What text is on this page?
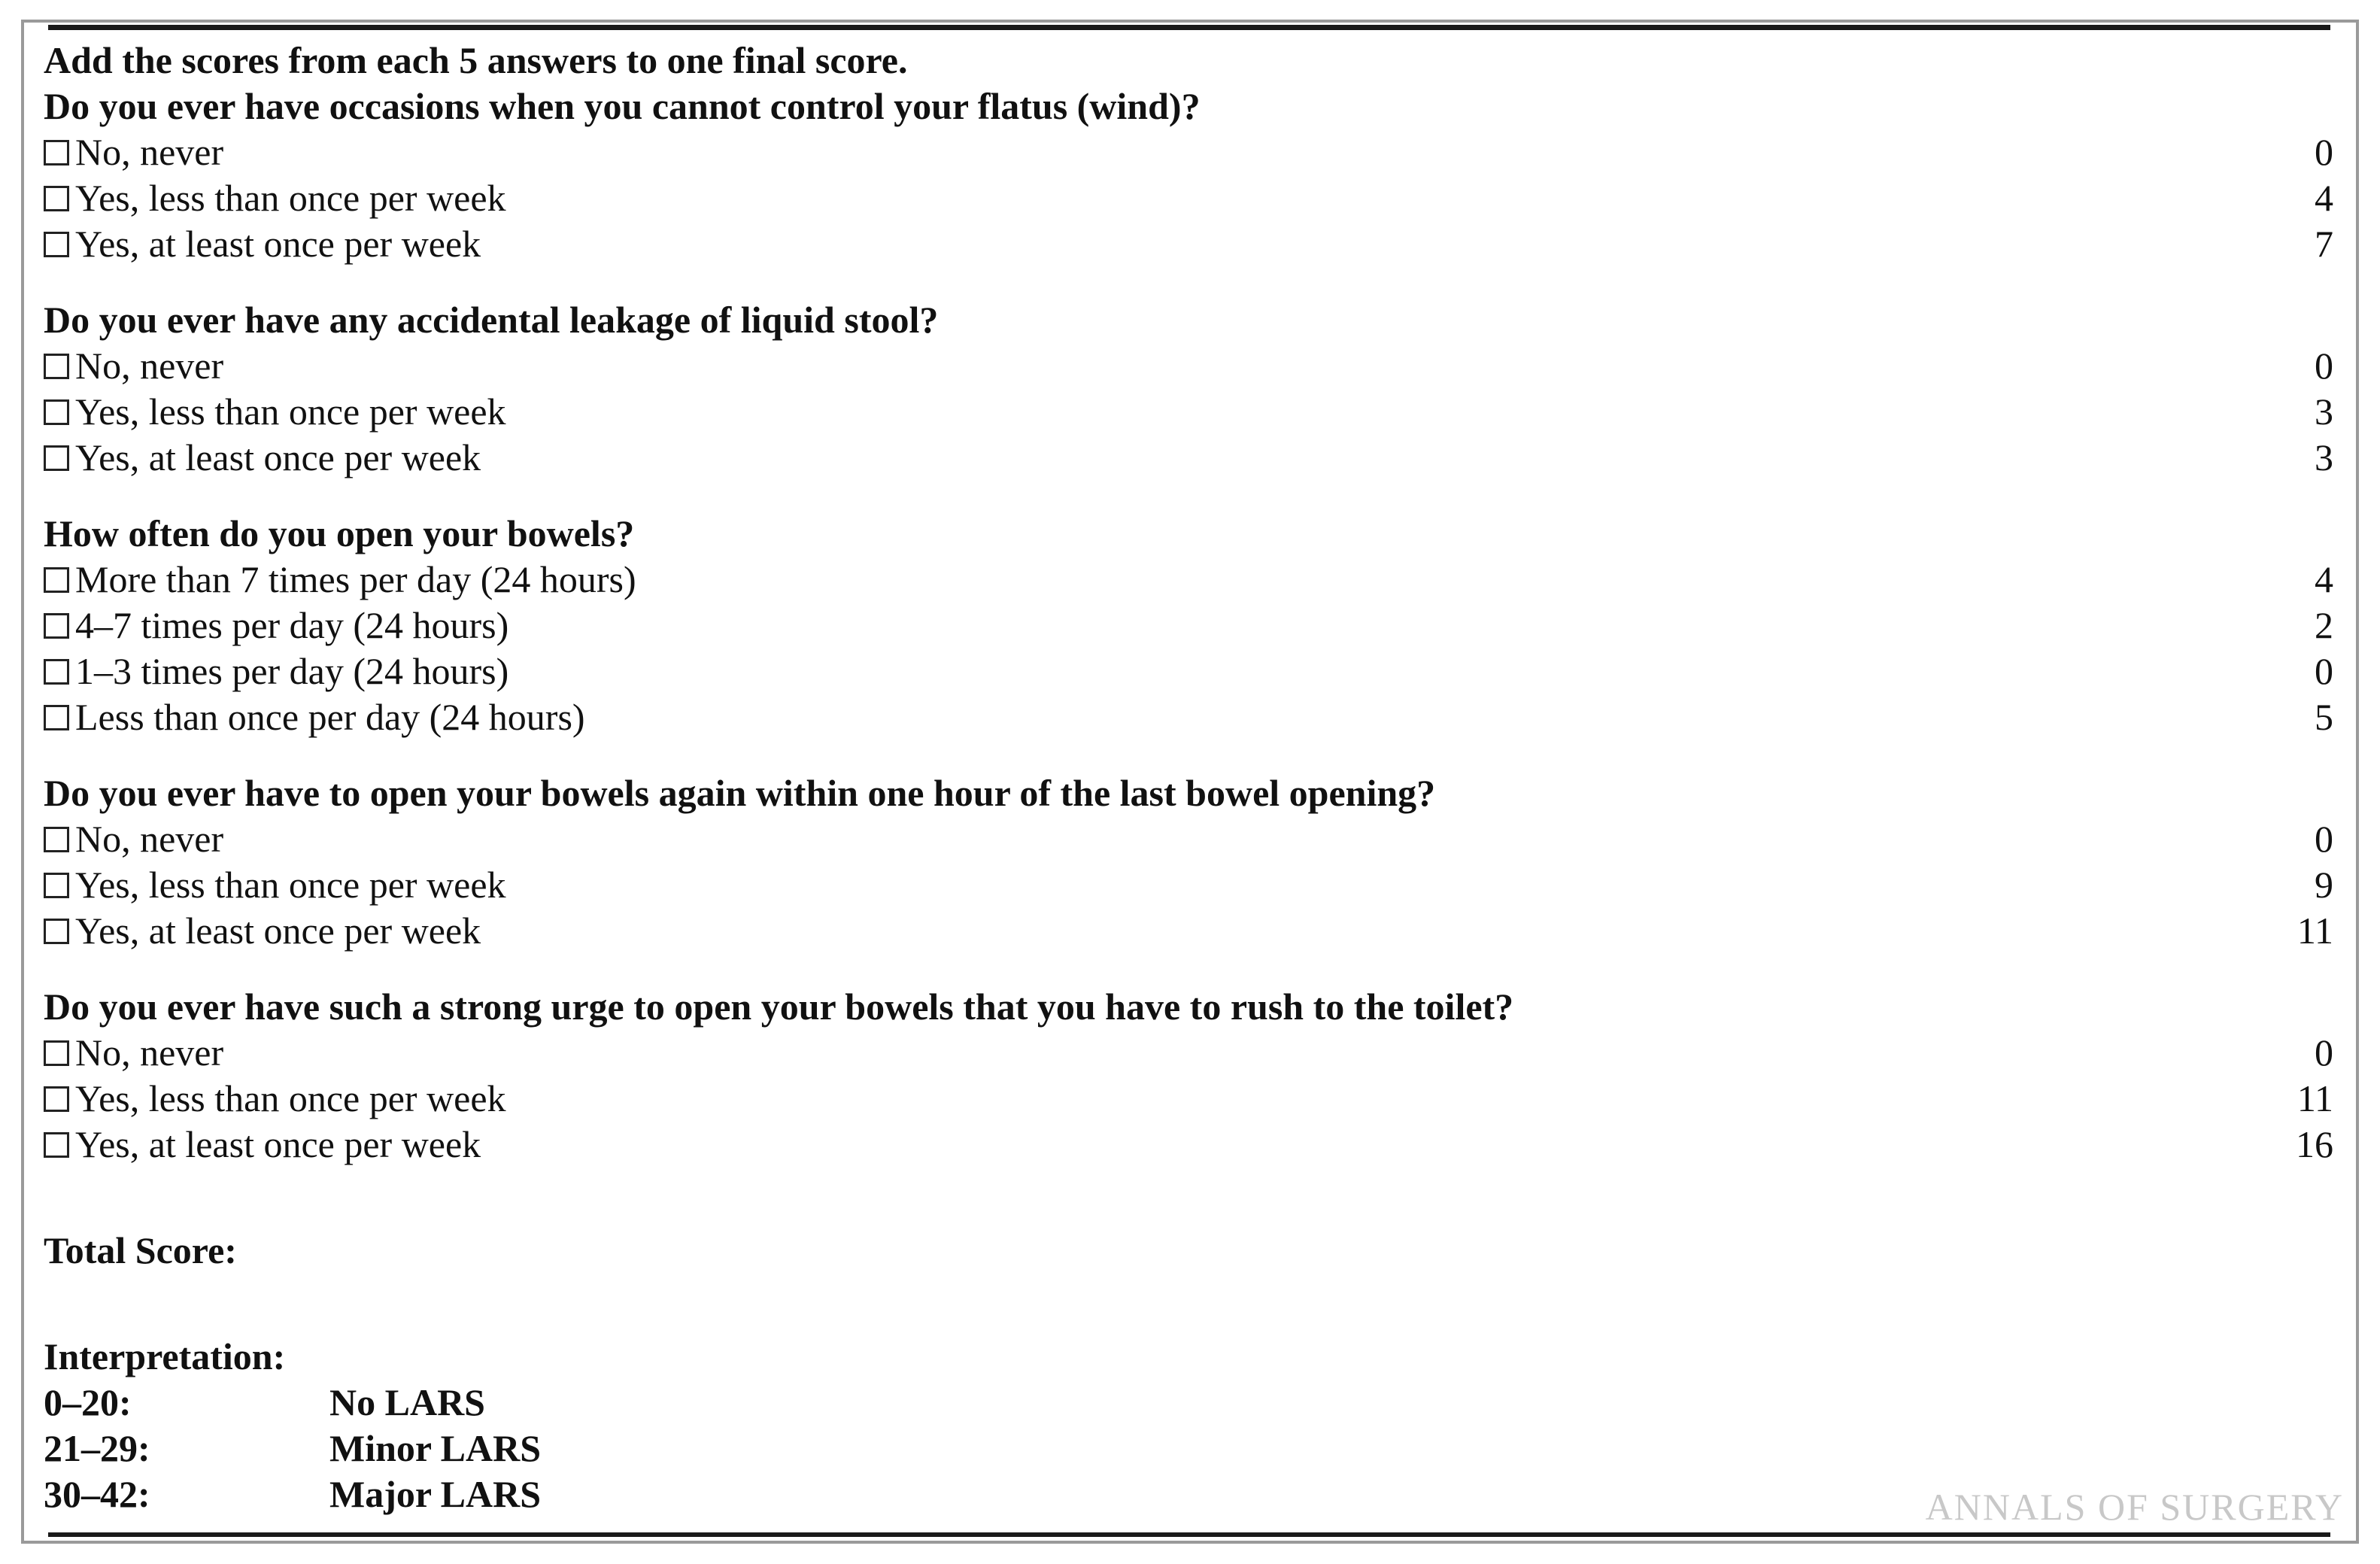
Add the scores from each 5 answers to one final score.
Do you ever have occasions when you cannot control your flatus (wind)?
No, never	0
Yes, less than once per week	4
Yes, at least once per week	7
Do you ever have any accidental leakage of liquid stool?
No, never	0
Yes, less than once per week	3
Yes, at least once per week	3
How often do you open your bowels?
More than 7 times per day (24 hours)	4
4–7 times per day (24 hours)	2
1–3 times per day (24 hours)	0
Less than once per day (24 hours)	5
Do you ever have to open your bowels again within one hour of the last bowel opening?
No, never	0
Yes, less than once per week	9
Yes, at least once per week	11
Do you ever have such a strong urge to open your bowels that you have to rush to the toilet?
No, never	0
Yes, less than once per week	11
Yes, at least once per week	16
Total Score:
Interpretation:
0–20:	No LARS
21–29:	Minor LARS
30–42:	Major LARS	ANNALS OF SURGERY
